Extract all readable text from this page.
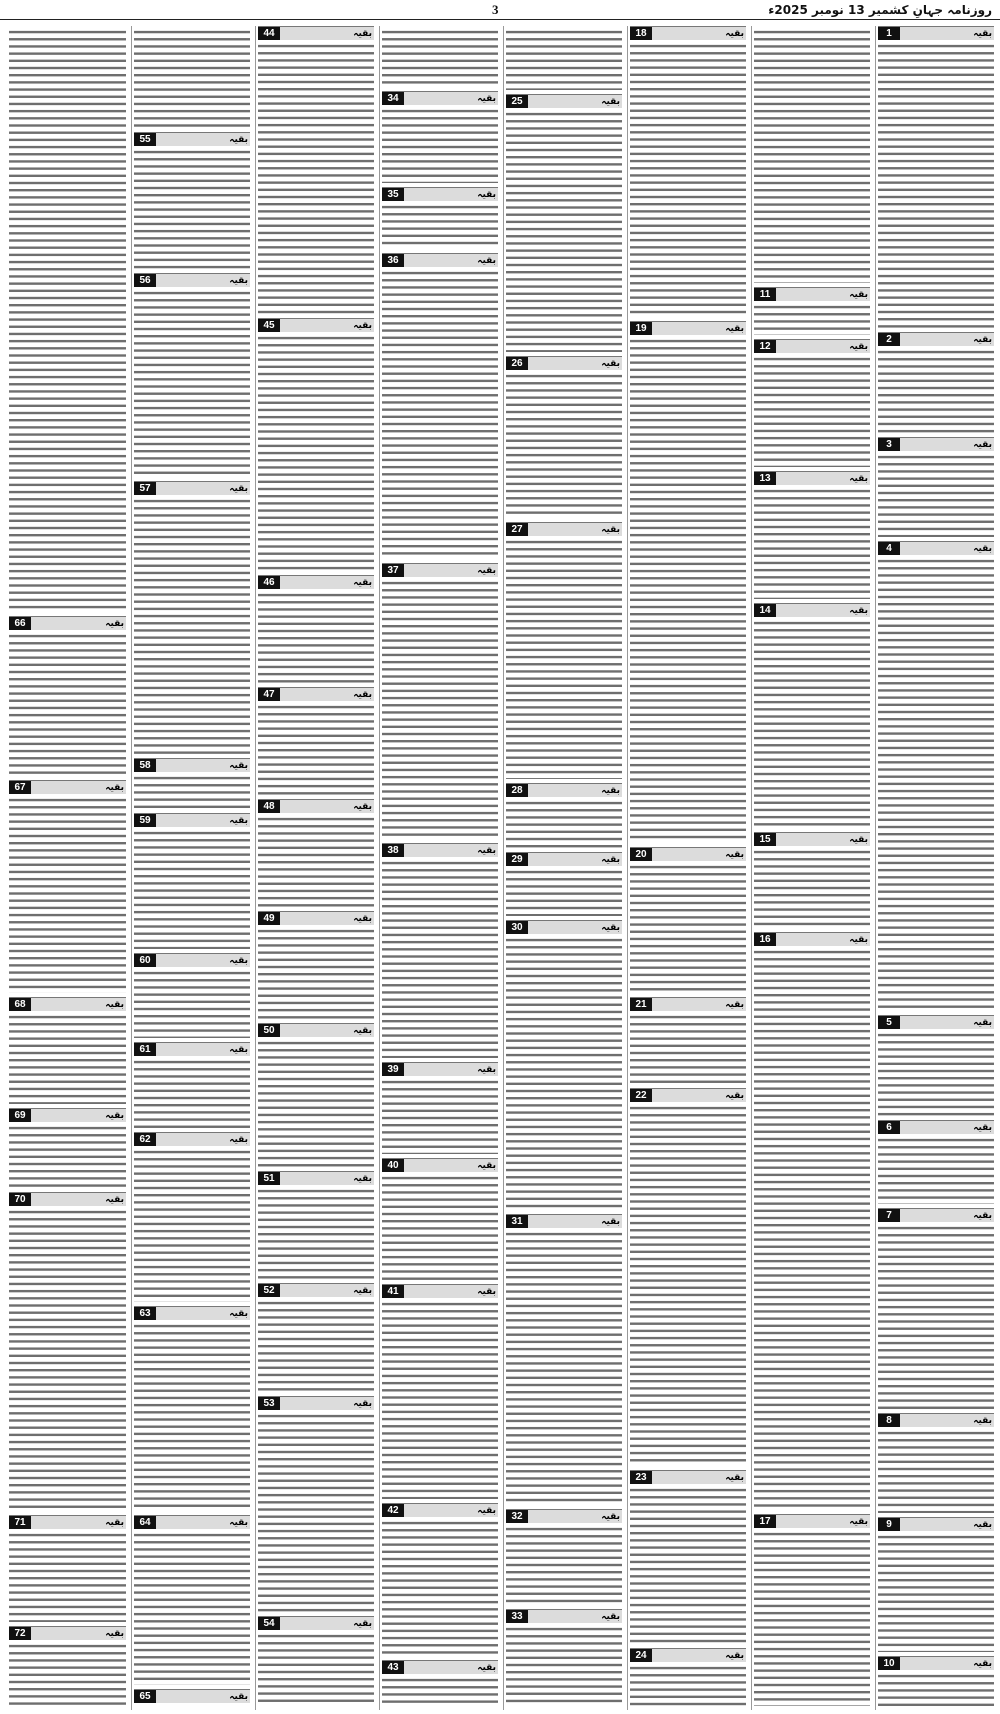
3	روزنامہ جہانِ کشمیر 13 نومبر 2025ء
1	بقیہ
2	بقیہ
3	بقیہ
4	بقیہ
5	بقیہ
6	بقیہ
7	بقیہ
8	بقیہ
9	بقیہ
10	بقیہ
11	بقیہ
12	بقیہ
13	بقیہ
14	بقیہ
15	بقیہ
16	بقیہ
17	بقیہ
18	بقیہ
19	بقیہ
20	بقیہ
21	بقیہ
22	بقیہ
23	بقیہ
24	بقیہ
25	بقیہ
26	بقیہ
27	بقیہ
28	بقیہ
29	بقیہ
30	بقیہ
31	بقیہ
32	بقیہ
33	بقیہ
34	بقیہ
35	بقیہ
36	بقیہ
37	بقیہ
38	بقیہ
39	بقیہ
40	بقیہ
41	بقیہ
42	بقیہ
43	بقیہ
44	بقیہ
45	بقیہ
46	بقیہ
47	بقیہ
48	بقیہ
49	بقیہ
50	بقیہ
51	بقیہ
52	بقیہ
53	بقیہ
54	بقیہ
55	بقیہ
56	بقیہ
57	بقیہ
58	بقیہ
59	بقیہ
60	بقیہ
61	بقیہ
62	بقیہ
63	بقیہ
64	بقیہ
65	بقیہ
66	بقیہ
67	بقیہ
68	بقیہ
69	بقیہ
70	بقیہ
71	بقیہ
72	بقیہ
